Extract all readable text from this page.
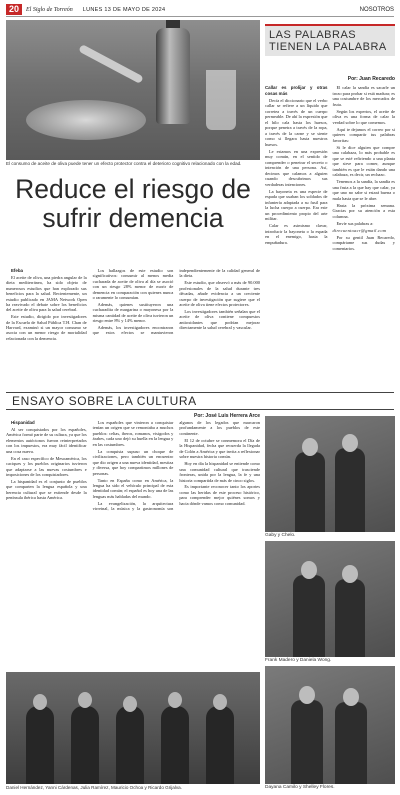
20	El Siglo de Torreón LUNES 13 DE MAYO DE 2024	NOSOTROS
El consumo de aceite de oliva puede tener un efecto protector contra el deterioro cognitivo relacionado con la edad.
Reduce el riesgo de sufrir demencia

Efeba

El aceite de oliva, una piedra angular de la dieta mediterránea, ha sido objeto de numerosos estudios que han explorado sus beneficios para la salud. Recientemente, un estudio publicado en JAMA Network Open ha reavivado el debate sobre los beneficios del aceite de oliva para la salud cerebral.

Este estudio, dirigido por investigadores de la Escuela de Salud Pública T.H. Chan de Harvard, examinó si un mayor consumo se asocia con un menor riesgo de mortalidad relacionada con la demencia.

Los hallazgos de este estudio son significativos: consumir al menos media cucharada de aceite de oliva al día se asoció con un riesgo 28% menor de morir de demencia en comparación con quienes nunca o raramente lo consumían.

Además, quienes sustituyeron una cucharadita de margarina o mayonesa por la misma cantidad de aceite de oliva tuvieron un riesgo entre 8% y 14% menor.

Además, los investigadores encontraron que estos efectos se mantuvieron independientemente de la calidad general de la dieta.

Este estudio, que observó a más de 90.000 profesionales de la salud durante tres décadas, añade evidencia a un creciente cuerpo de investigación que sugiere que el aceite de oliva tiene efectos protectores.

Los investigadores también señalan que el aceite de oliva contiene compuestos antioxidantes que podrían mejorar directamente la salud cerebral y vascular.

LAS PALABRAS TIENEN LA PALABRA
Por: Juan Recaredo

Callar es prolijar y otras cosas más

Decía el diccionario que el verbo callar se refiere a un líquido que corretea a través de un cuerpo permeable. De ahí la expresión que el hilo cala hasta los huesos, porque penetra a través de la ropa, a través de la carne y se siente como si llegara hasta nuestros huesos.

Le estamos en una expresión muy común, en el sentido de comprender o penetrar el secreto o intención de una persona. Así, decimos que calamos a alguien cuando descubrimos sus verdaderas intenciones.

La bayoneta es una especie de espada que usaban los soldados de infantería adaptada a su fusil para la lucha cuerpo a cuerpo. Era este un procedimiento propio del arte militar.

Calar es asimismo clavar, introducir la bayoneta o la espada en el enemigo, hasta la empuñadura.

El calar la sandía es sacarle un trozo para probar si está madura; es una costumbre de los mercados de fruta.

Según los expertos, el aceite de oliva es una forma de calar la verdad sobre lo que comemos.

Aquí te dejamos el correo por si quieres compartir tus palabras favoritas:

Si le dice alguien que compre una calabaza, lo más probable es que se esté refiriendo a una planta que sirve para comer, aunque también es que le están dando una calabaza, es decir, un rechazo.

Tenemos a la sandía, la sandía es una fruta a la que hay que calar, ya que uno no sabe si estará buena o mala hasta que se le abre.

Hasta la próxima semana. Gracias por su atención a esta columna.

Envíe sus palabras a:

direcuentoacr@gmail.com

Por su gentil Juan Recaredo, compártame sus dudas y comentarios.

ENSAYO SOBRE LA CULTURA
Por: José Luis Herrera Arce

Hispanidad

Al ser conquistados por los españoles, América formó parte de su cultura, ya que los elementos autóctonos fueron reinterpretados con los impuestos, era muy fácil identificar una cosa nueva.

En el caso específico de Mesoamérica, los caciques y los pueblos originarios tuvieron que adaptarse a las nuevas costumbres e imposiciones de los conquistadores.

La hispanidad es el conjunto de pueblos que comparten la lengua española y una herencia cultural que se extiende desde la península ibérica hasta América.

Los españoles que vinieron a conquistar tenían un origen que se remontaba a muchos pueblos: celtas, iberos, romanos, visigodos y árabes, cada uno dejó su huella en la lengua y en las costumbres.

La conquista supuso un choque de civilizaciones, pero también un encuentro que dio origen a una nueva identidad, mestiza y diversa, que hoy compartimos millones de personas.

Tanto en España como en América, la lengua ha sido el vehículo principal de esta identidad común; el español es hoy una de las lenguas más habladas del mundo.

La evangelización, la arquitectura virreinal, la música y la gastronomía son algunos de los legados que marcaron profundamente a los pueblos de este continente.

El 12 de octubre se conmemora el Día de la Hispanidad, fecha que recuerda la llegada de Colón a América y que invita a reflexionar sobre nuestra historia común.

Hoy en día la hispanidad se entiende como una comunidad cultural que trasciende fronteras, unida por la lengua, la fe y una historia compartida de más de cinco siglos.

Es importante reconocer tanto los aportes como las heridas de este proceso histórico, para comprender mejor quiénes somos y hacia dónde vamos como comunidad.

Gaby y Chelo.
Frank Madero y Daniela Wong.
Dayana Camilo y Shelley Flores.
Daniel Hernández, Yanni Cárdenas, Julia Ramírez, Mauricio Ochoa y Ricardo Grijalva.
